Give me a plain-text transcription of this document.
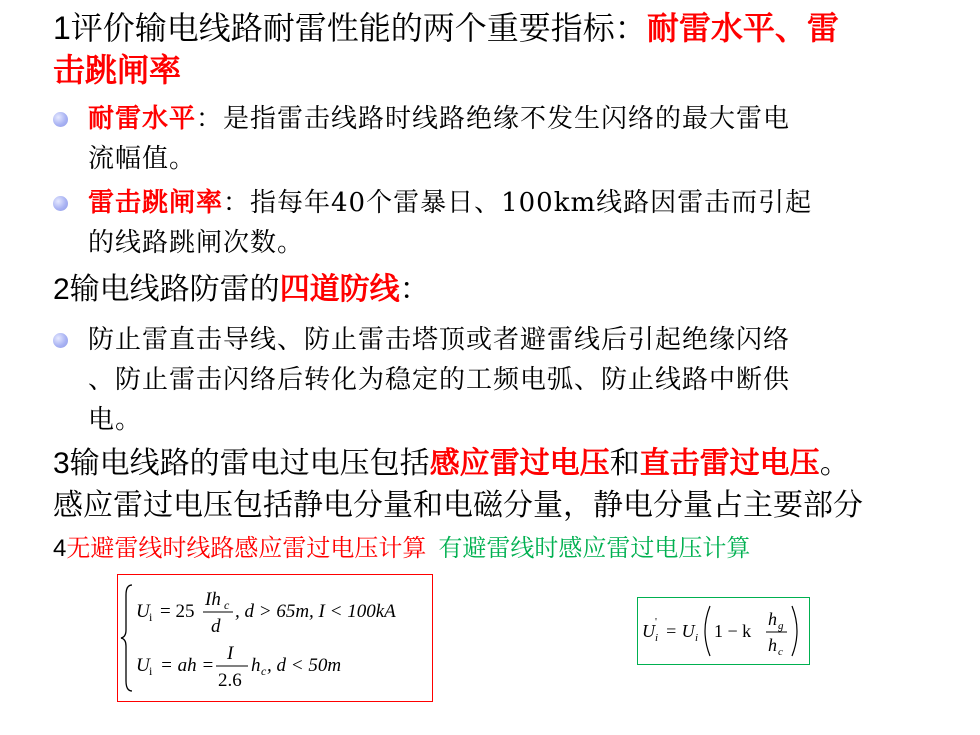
1评价输电线路耐雷性能的两个重要指标：耐雷水平、雷
击跳闸率
耐雷水平：是指雷击线路时线路绝缘不发生闪络的最大雷电
流幅值。
雷击跳闸率：指每年40个雷暴日、100km线路因雷击而引起
的线路跳闸次数。
2输电线路防雷的四道防线：
防止雷直击导线、防止雷击塔顶或者避雷线后引起绝缘闪络
、防止雷击闪络后转化为稳定的工频电弧、防止线路中断供
电。
3输电线路的雷电过电压包括感应雷过电压和直击雷过电压。
感应雷过电压包括静电分量和电磁分量，静电分量占主要部分
4无避雷线时线路感应雷过电压计算 有避雷线时感应雷过电压计算
U i = 25
Ih c
d
, d > 65m, I < 100kA
U i = ah =
I
2.6
h c , d < 50m
U '
i = U i 1 − k
h g
h c
